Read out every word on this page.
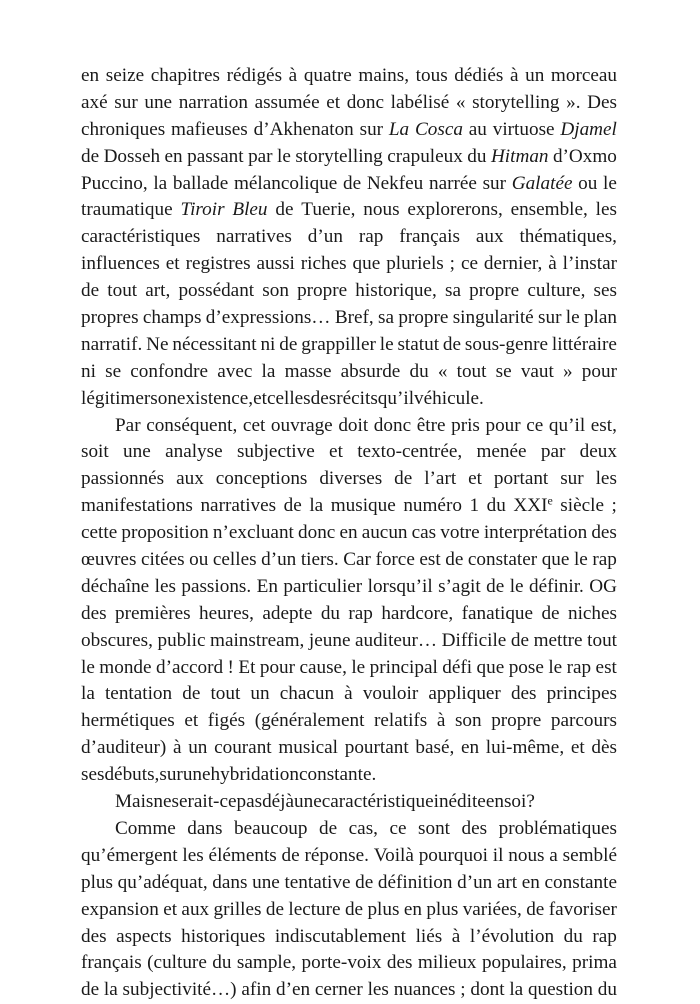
en seize chapitres rédigés à quatre mains, tous dédiés à un morceau
axé sur une narration assumée et donc labélisé « storytelling ». Des
chroniques mafieuses d’Akhenaton sur La Cosca au virtuose Djamel
de Dosseh en passant par le storytelling crapuleux du Hitman d’Oxmo
Puccino, la ballade mélancolique de Nekfeu narrée sur Galatée ou le
traumatique Tiroir Bleu de Tuerie, nous explorerons, ensemble, les
caractéristiques narratives d’un rap français aux thématiques,
influences et registres aussi riches que pluriels ; ce dernier, à l’instar
de tout art, possédant son propre historique, sa propre culture, ses
propres champs d’expressions… Bref, sa propre singularité sur le plan
narratif. Ne nécessitant ni de grappiller le statut de sous-genre littéraire
ni se confondre avec la masse absurde du « tout se vaut » pour
légitimer son existence, et celles des récits qu’il véhicule.
Par conséquent, cet ouvrage doit donc être pris pour ce qu’il est,
soit une analyse subjective et texto-centrée, menée par deux
passionnés aux conceptions diverses de l’art et portant sur les
manifestations narratives de la musique numéro 1 du XXIe siècle ;
cette proposition n’excluant donc en aucun cas votre interprétation des
œuvres citées ou celles d’un tiers. Car force est de constater que le rap
déchaîne les passions. En particulier lorsqu’il s’agit de le définir. OG
des premières heures, adepte du rap hardcore, fanatique de niches
obscures, public mainstream, jeune auditeur… Difficile de mettre tout
le monde d’accord ! Et pour cause, le principal défi que pose le rap est
la tentation de tout un chacun à vouloir appliquer des principes
hermétiques et figés (généralement relatifs à son propre parcours
d’auditeur) à un courant musical pourtant basé, en lui-même, et dès
ses débuts, sur une hybridation constante.
Mais ne serait-ce pas déjà une caractéristique inédite en soi ?
Comme dans beaucoup de cas, ce sont des problématiques
qu’émergent les éléments de réponse. Voilà pourquoi il nous a semblé
plus qu’adéquat, dans une tentative de définition d’un art en constante
expansion et aux grilles de lecture de plus en plus variées, de favoriser
des aspects historiques indiscutablement liés à l’évolution du rap
français (culture du sample, porte-voix des milieux populaires, prima
de la subjectivité…) afin d’en cerner les nuances ; dont la question du
